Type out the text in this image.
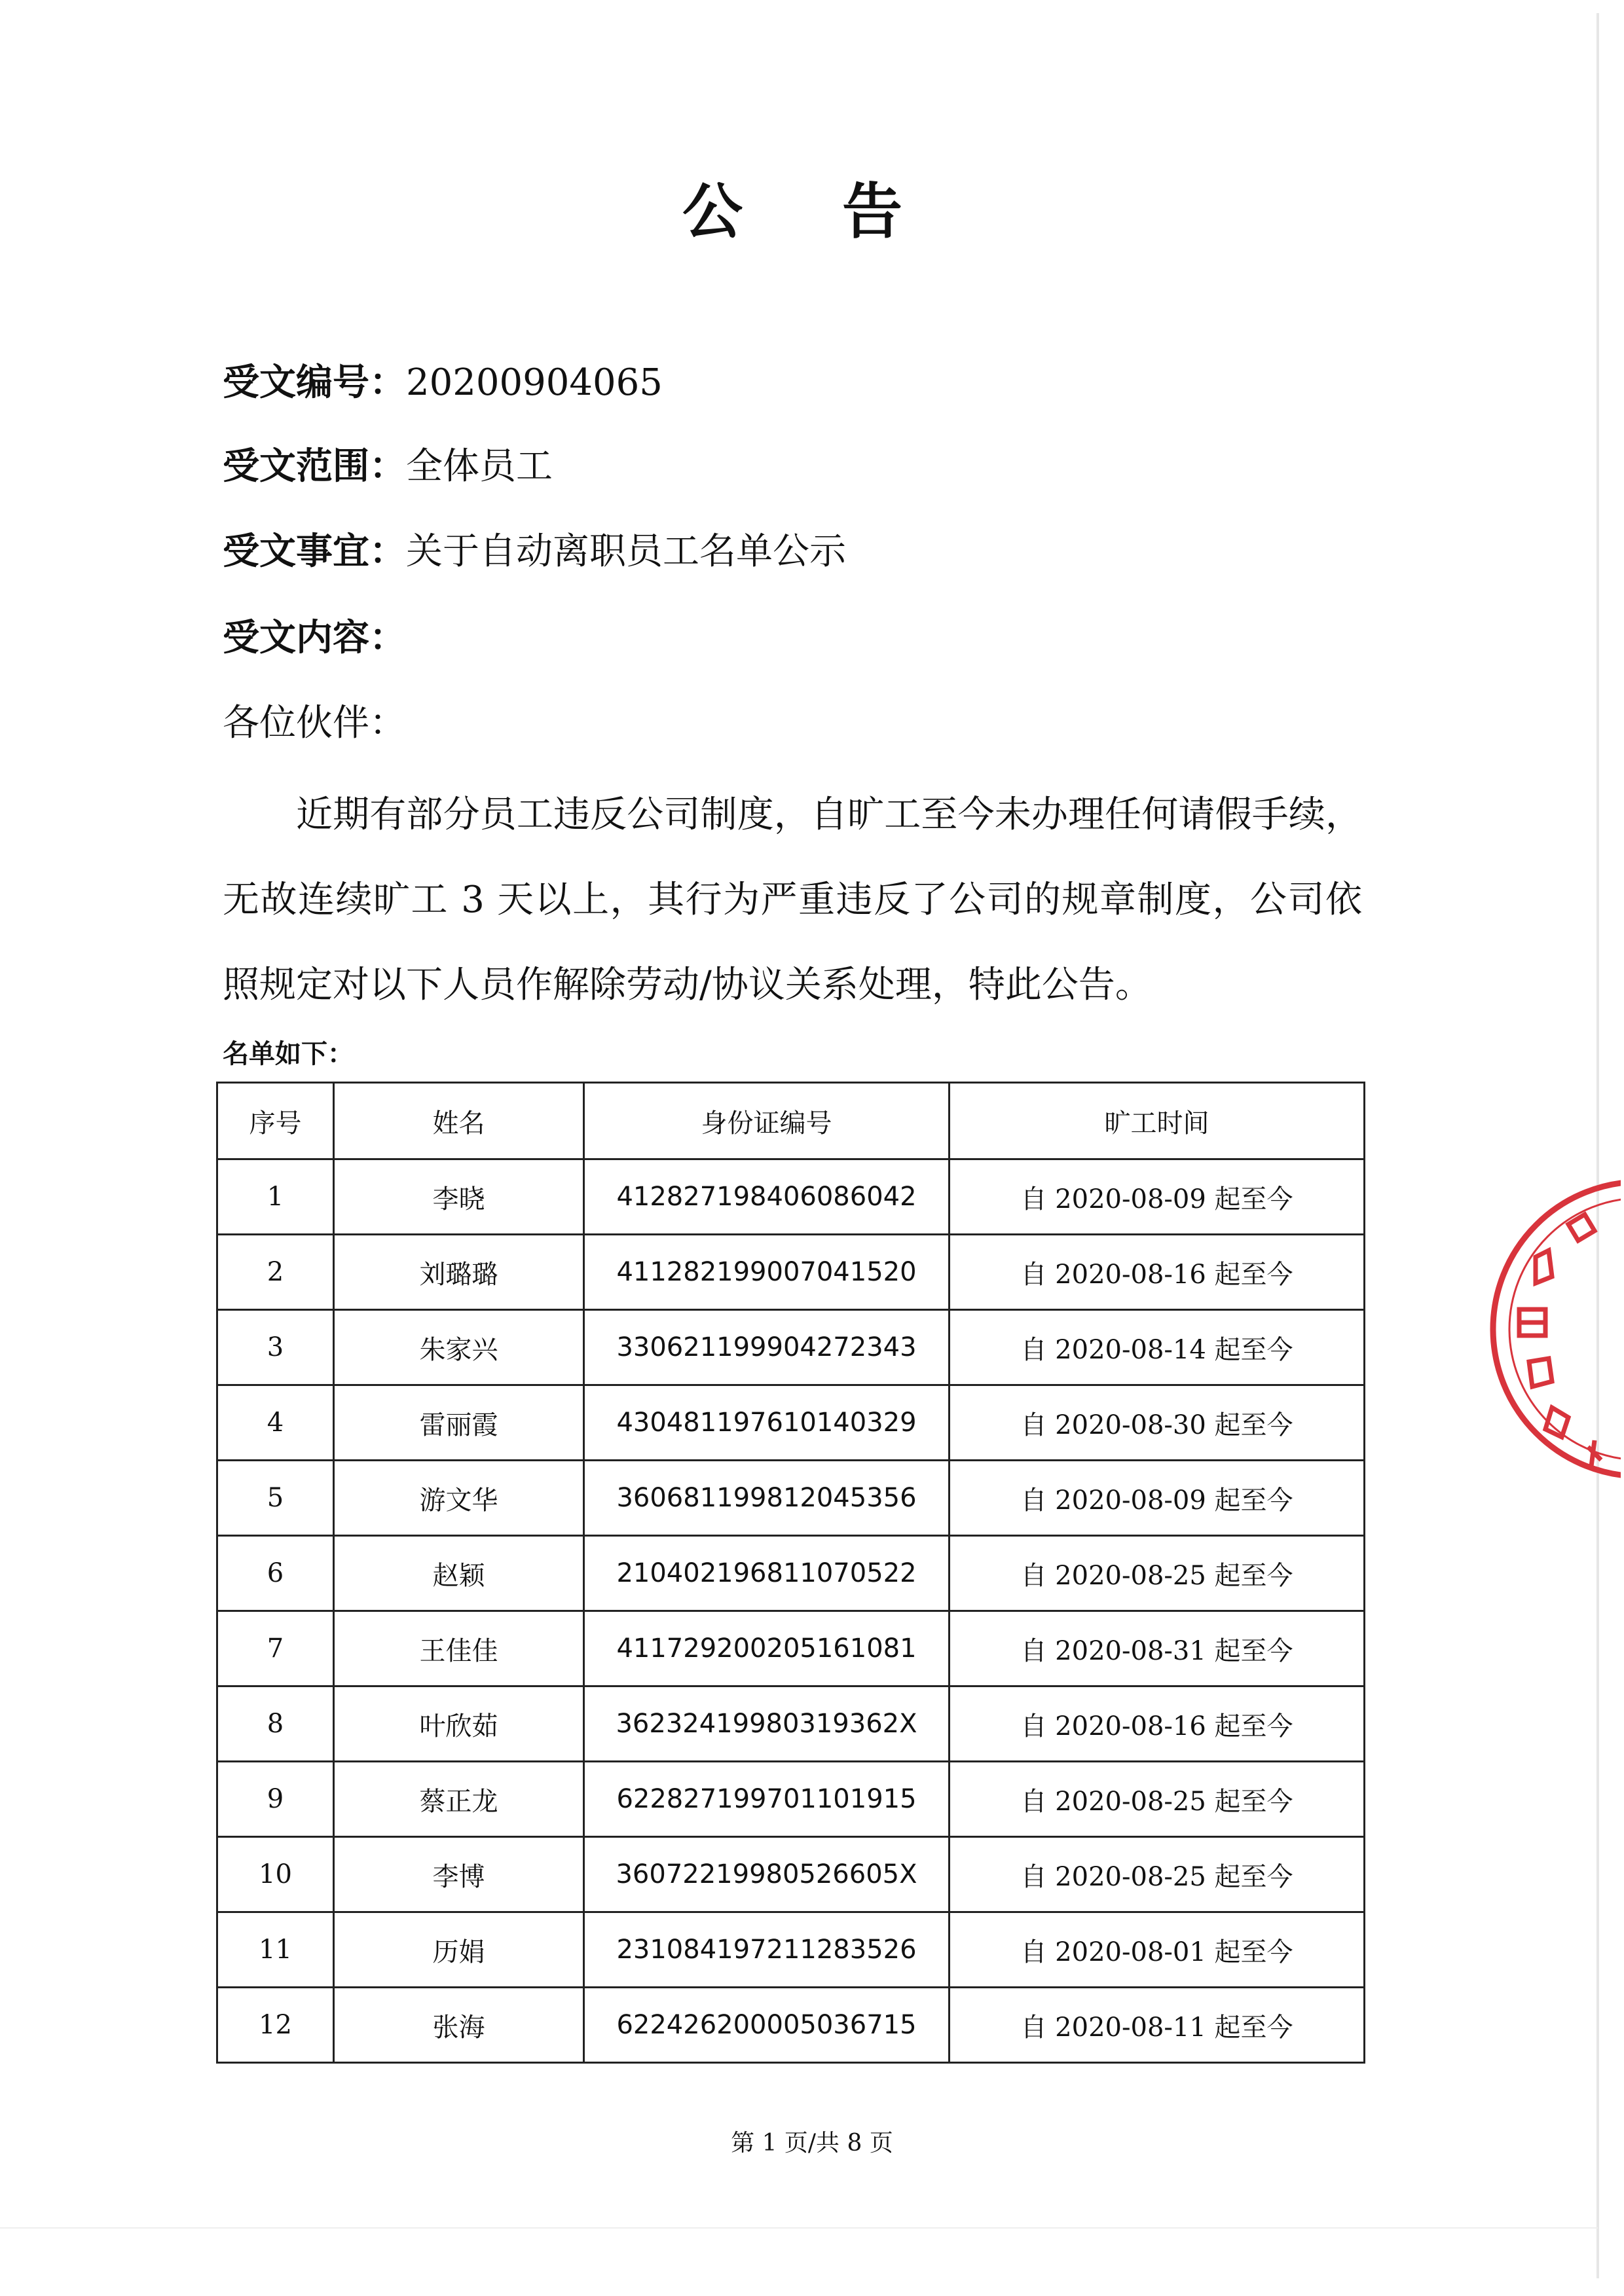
公 告
受文编号：20200904065
受文范围：全体员工
受文事宜：关于自动离职员工名单公示
受文内容：
各位伙伴：
近期有部分员工违反公司制度，自旷工至今未办理任何请假手续，无故连续旷工 3 天以上，其行为严重违反了公司的规章制度，公司依照规定对以下人员作解除劳动/协议关系处理，特此公告。
名单如下：
序号	姓名	身份证编号	旷工时间
1	李晓	412827198406086042	自 2020-08-09 起至今
2	刘璐璐	411282199007041520	自 2020-08-16 起至今
3	朱家兴	330621199904272343	自 2020-08-14 起至今
4	雷丽霞	430481197610140329	自 2020-08-30 起至今
5	游文华	360681199812045356	自 2020-08-09 起至今
6	赵颖	210402196811070522	自 2020-08-25 起至今
7	王佳佳	411729200205161081	自 2020-08-31 起至今
8	叶欣茹	36232419980319362X	自 2020-08-16 起至今
9	蔡正龙	622827199701101915	自 2020-08-25 起至今
10	李博	36072219980526605X	自 2020-08-25 起至今
11	历娟	231084197211283526	自 2020-08-01 起至今
12	张海	622426200005036715	自 2020-08-11 起至今
第 1 页/共 8 页
